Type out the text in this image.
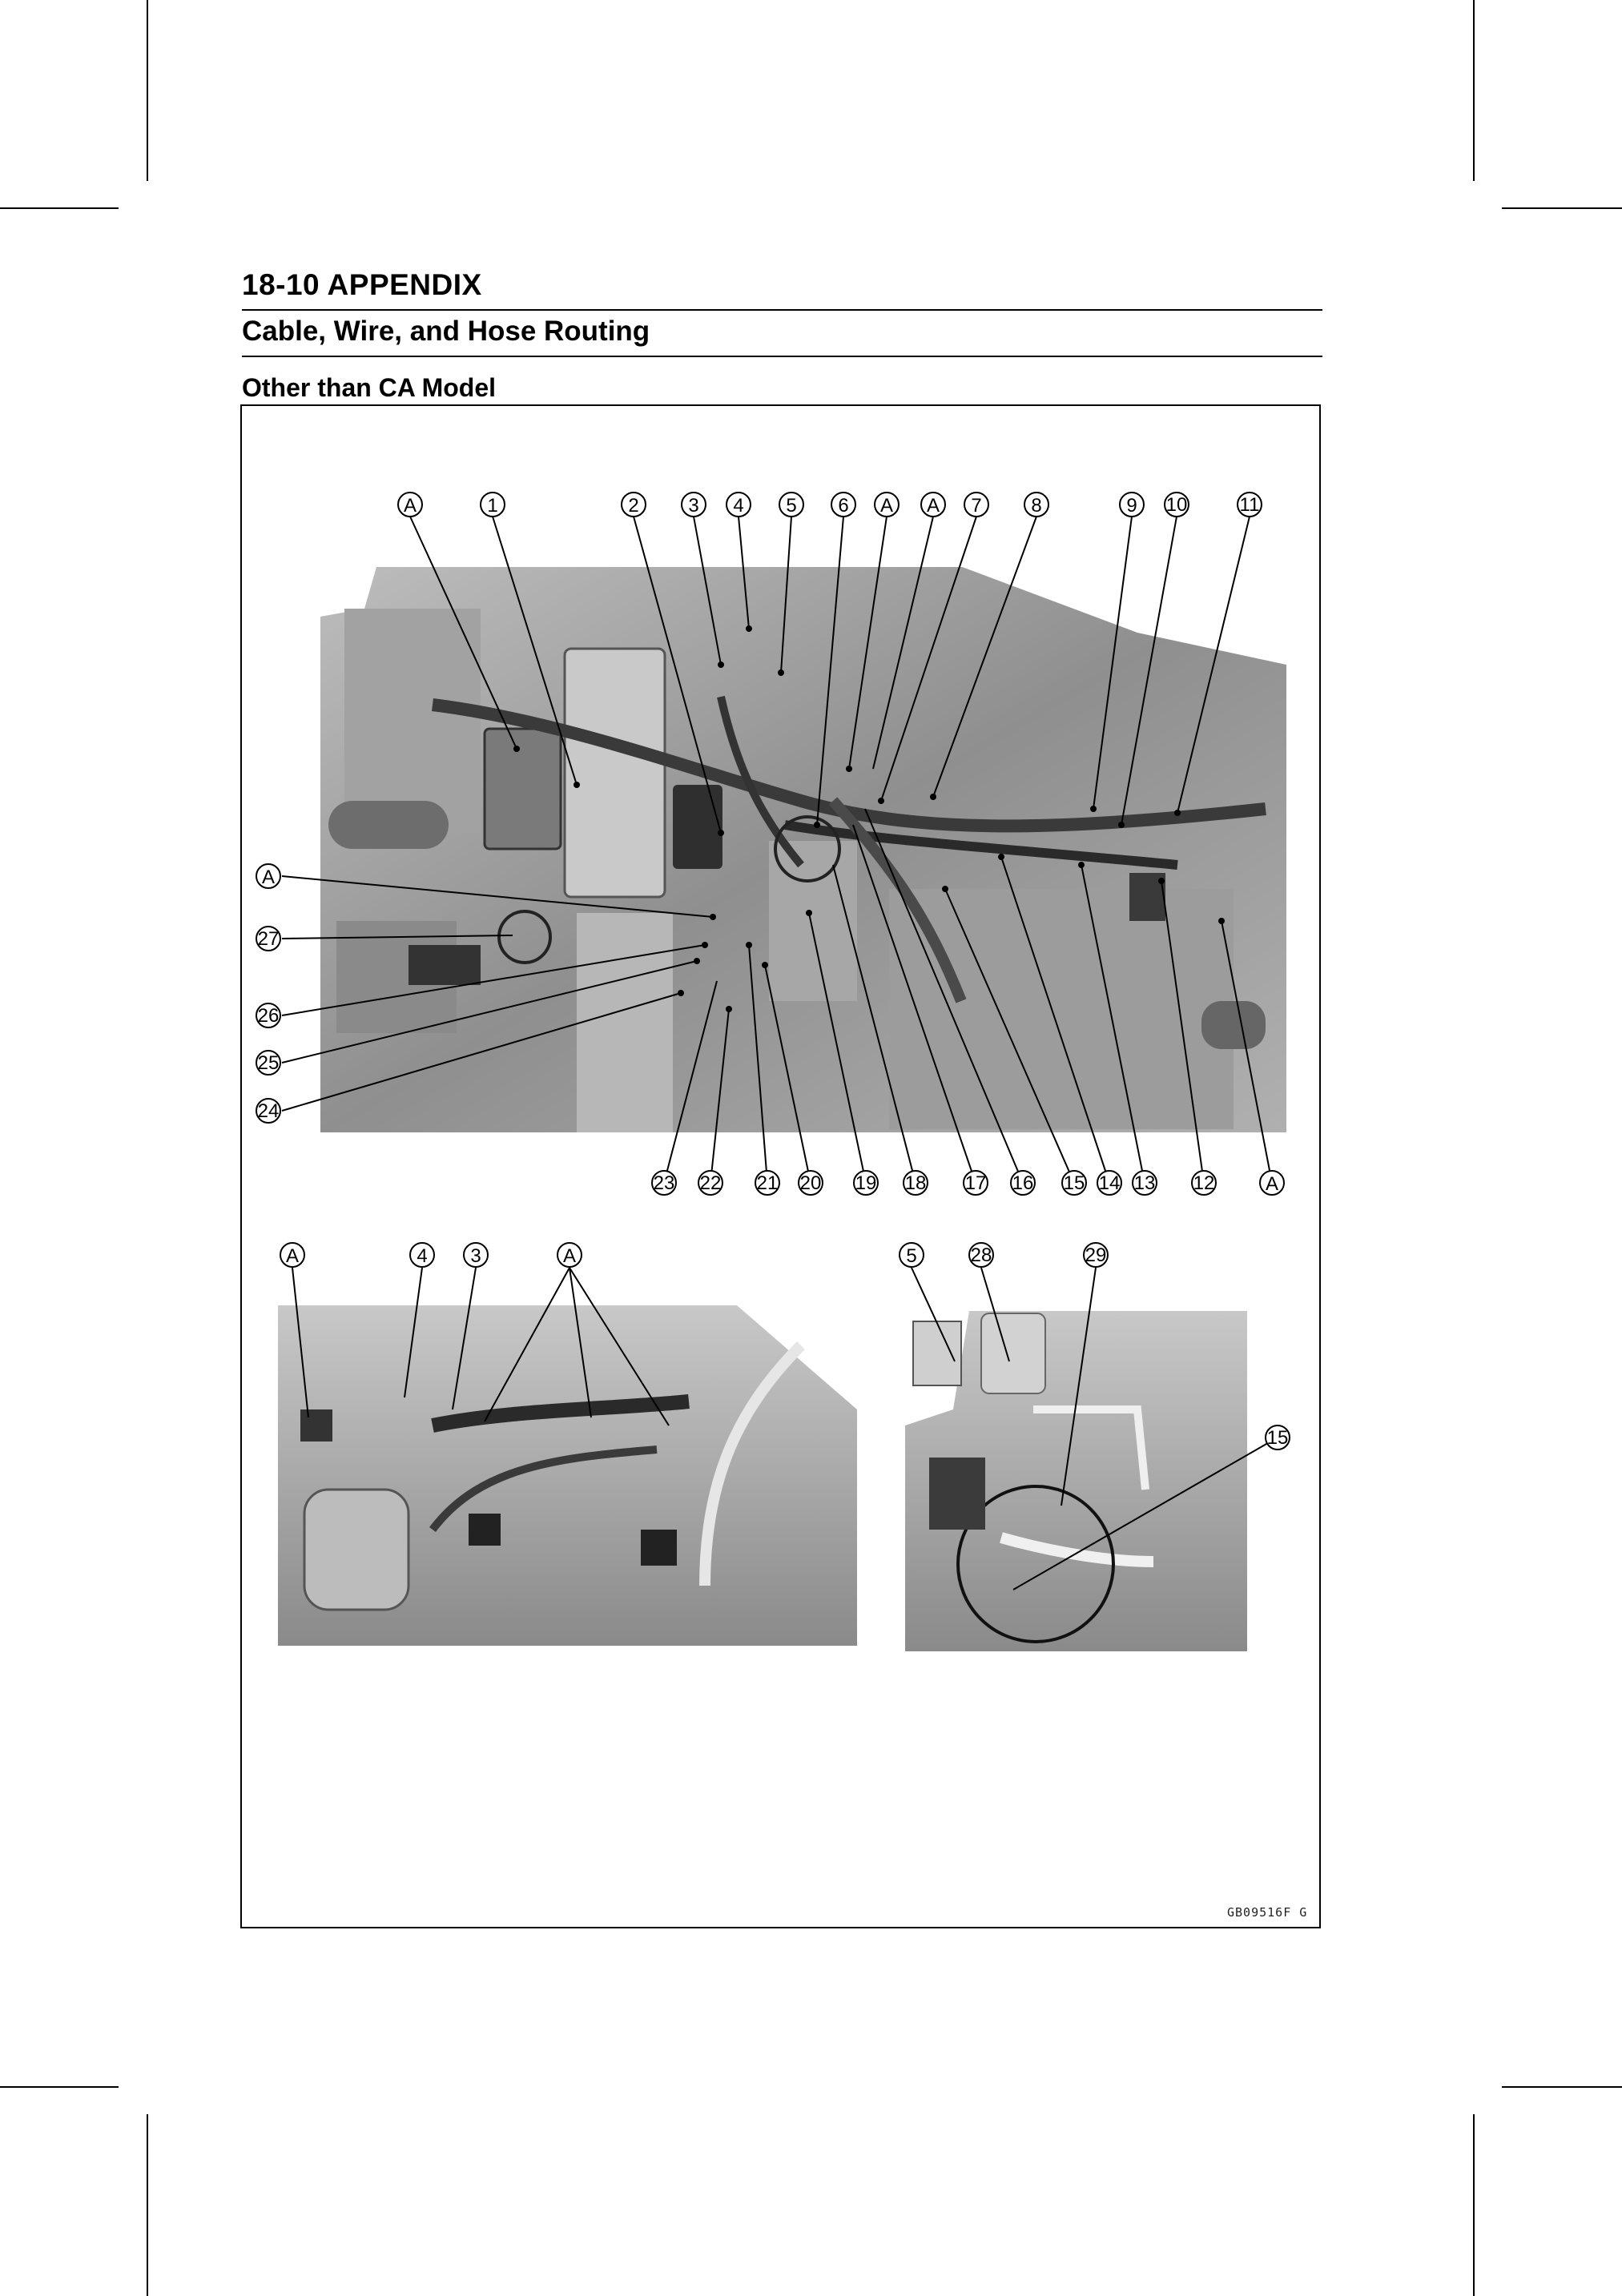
18-10 APPENDIX
Cable, Wire, and Hose Routing
Other than CA Model
A	1	2	3 4 5 6 A A 7	8	9 10	11
A
27
26
25
24
23 22 21 20 19 18 17 16 15 14 13 12	A
A	4 3	A	5	28	29
15
GB09516F G
